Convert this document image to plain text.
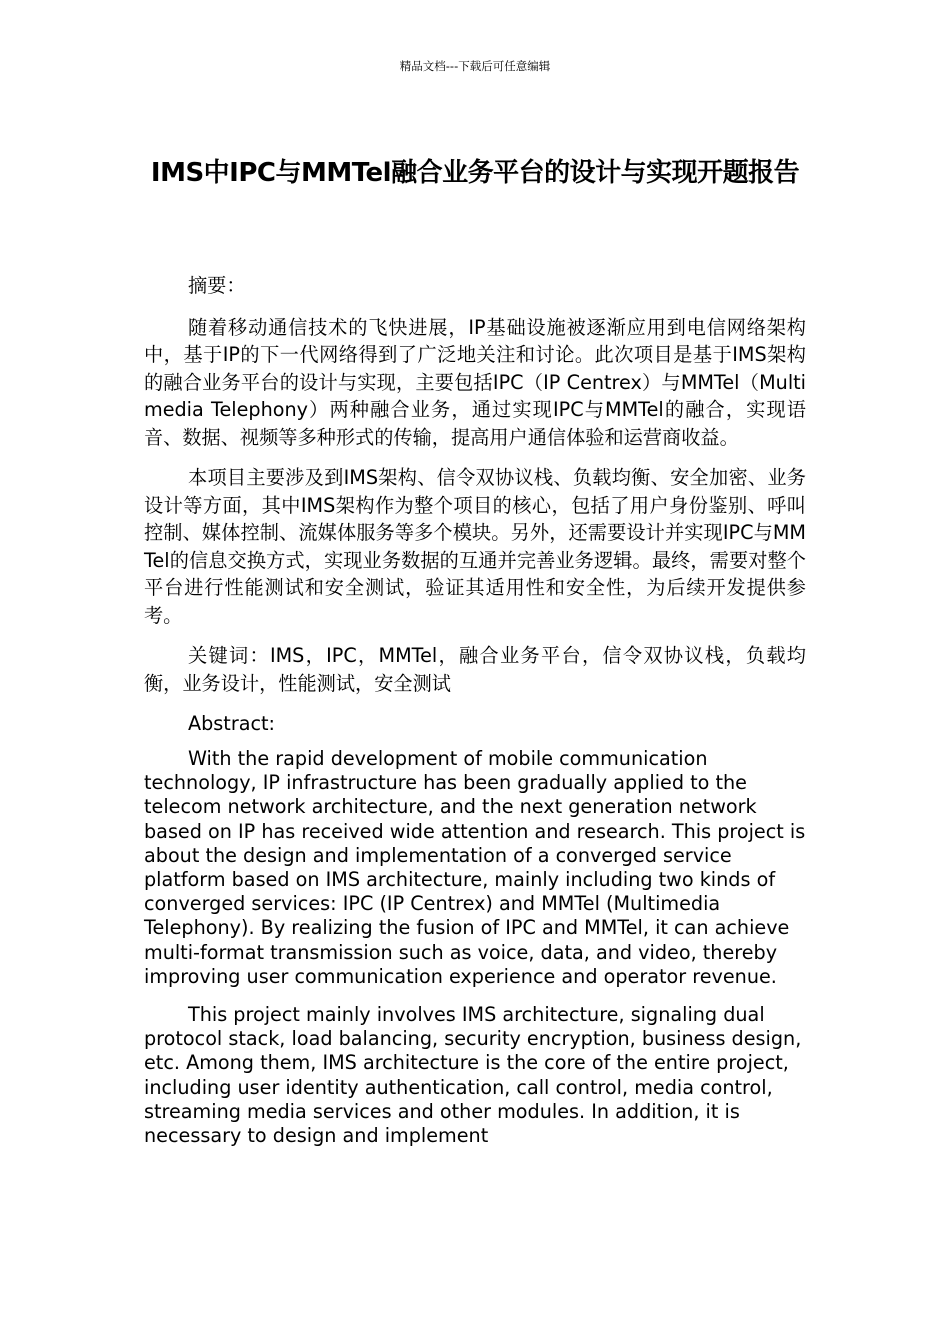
精品文档---下载后可任意编辑
IMS中IPC与MMTel融合业务平台的设计与实现开题报告

摘要：

随着移动通信技术的飞快进展，IP基础设施被逐渐应用到电信网络架构中，基于IP的下一代网络得到了广泛地关注和讨论。此次项目是基于IMS架构的融合业务平台的设计与实现，主要包括IPC（IP Centrex）与MMTel（Multimedia Telephony）两种融合业务，通过实现IPC与MMTel的融合，实现语音、数据、视频等多种形式的传输，提高用户通信体验和运营商收益。

本项目主要涉及到IMS架构、信令双协议栈、负载均衡、安全加密、业务设计等方面，其中IMS架构作为整个项目的核心，包括了用户身份鉴别、呼叫控制、媒体控制、流媒体服务等多个模块。另外，还需要设计并实现IPC与MMTel的信息交换方式，实现业务数据的互通并完善业务逻辑。最终，需要对整个平台进行性能测试和安全测试，验证其适用性和安全性，为后续开发提供参考。

关键词：IMS，IPC，MMTel，融合业务平台，信令双协议栈，负载均衡，业务设计，性能测试，安全测试

Abstract:

With the rapid development of mobile communication technology, IP infrastructure has been gradually applied to the telecom network architecture, and the next generation network based on IP has received wide attention and research. This project is about the design and implementation of a converged service platform based on IMS architecture, mainly including two kinds of converged services: IPC (IP Centrex) and MMTel (Multimedia Telephony). By realizing the fusion of IPC and MMTel, it can achieve multi-format transmission such as voice, data, and video, thereby improving user communication experience and operator revenue.

This project mainly involves IMS architecture, signaling dual protocol stack, load balancing, security encryption, business design, etc. Among them, IMS architecture is the core of the entire project, including user identity authentication, call control, media control, streaming media services and other modules. In addition, it is necessary to design and implement
